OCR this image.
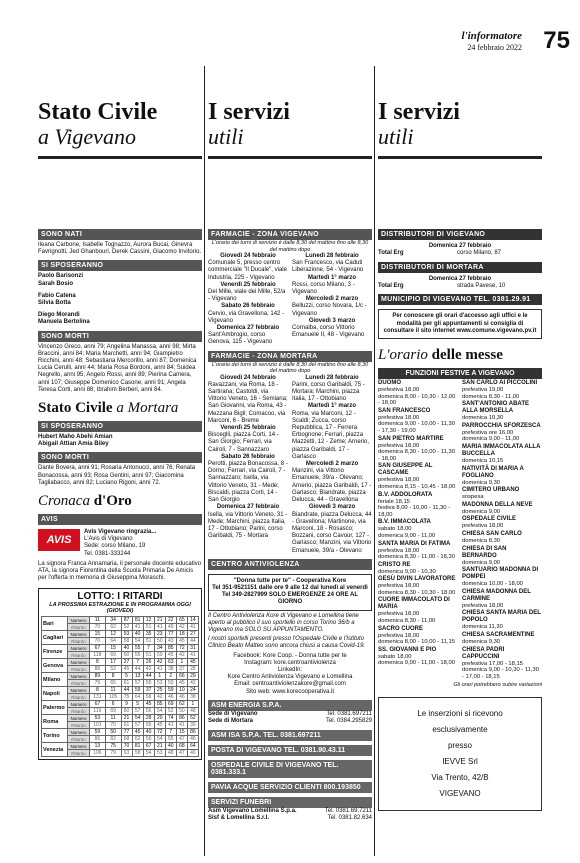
l'informatore
24 febbraio 2022 75
Stato Civile
a Vigevano
SONO NATI
Ileana Carbone, Isabelle Tognazzo, Aurora Bucai, Ginevra Favrignotti, Jed Ghanbouri, Derek Cassini, Giacomo Invitorio.
SI SPOSERANNO
Paolo Barisonzi
Sarah Bosio
Fabio Catena
Silvia Botta
Diego Morandi
Manuela Bertolina
SONO MORTI
Vincenzo Greco, anni 79; Angelina Manassa, anni 98; Mirta Braccini, anni 84; Maria Marchetti, anni 94; Giampietro Ricchini, anni 48; Sebastiana Mercorillo, anni 87; Domenica Lucia Cerulli, anni 44; Maria Rosa Bordoni, anni 84; Suidea Negrello, anni 95; Angelo Rossi, anni 89; Pierina Camera, anni 107; Giuseppe Domenico Casone, anni 91; Angela Teresa Corti, anni 88; Ibrahim Berberi, anni 84.
Stato Civile a Mortara
SI SPOSERANNO
Hubert Maho Abehi Amian
Abigail Attian Amia Biley
SONO MORTI
Dante Bovera, anni 91; Rosaria Antonucci, anni 76; Renata Bonacossa, anni 93; Rosa Gentini, anni 97; Giacomina Tagliabacco, anni 82; Luciano Rigoni, anni 72.
Cronaca d'Oro
AVIS
AVIS
Avis Vigevano ringrazia...
L'Avis di Vigevano
Sede: corso Milano, 19
Tel. 0381-333244
La signora Franca Annamaria, il personale docente educativo ATA, la signora Fiorentina della Scuola Primaria De Amicis per l'offerta in memoria di Giuseppina Moraschi.
LOTTO: I RITARDI
LA PROSSIMA ESTRAZIONE E IN PROGRAMMA OGGI (GIOVEDI)
Bari	Numero	11	34	87	81	12	21	22	65	14
	Ritardo	70	62	52	41	51	41	49	42	41
Cagliari	Numero	15	12	53	40	35	23	77	18	27
	Ritardo	70	64	58	54	51	50	43	45	44
Firenze	Numero	67	15	40	55	7	34	85	72	31
	Ritardo	118	69	60	55	51	50	45	42	41
Genova	Numero	8	17	27	7	26	42	63	1	45
	Ritardo	88	52	45	44	42	41	38	37	28
Milano	Numero	89	8	5	13	44	1	2	66	29
	Ritardo	79	65	61	57	55	53	50	45	42
Napoli	Numero	8	11	44	59	37	25	59	10	24
	Ritardo	131	105	75	64	58	42	46	46	38
Palermo	Numero	67	6	9	5	45	85	69	62	1
	Ritardo	116	69	60	57	56	54	52	50	48
Roma	Numero	53	11	21	54	28	20	74	86	52
	Ritardo	101	70	61	57	55	45	41	41	39
Torino	Numero	59	50	77	45	40	72	7	15	86
	Ritardo	86	82	68	62	56	54	55	47	46
Venezia	Numero	13	75	70	81	67	21	40	68	64
	Ritardo	106	79	63	58	54	53	48	47	46
I servizi
utili
FARMACIE - ZONA VIGEVANO
L'orario dei turni di servizio è dalle 8,30 del mattino fino alle 8,30 del mattino dopo
Giovedì 24 febbraio
Comunale 5, presso centro commerciale "Il Ducale", viale Industria, 225 - Vigevano
Venerdì 25 febbraio
Dei Mille, viale dei Mille, 52/a - Vigevano
Sabato 26 febbraio
Cervio, via Gravellona, 142 - Vigevano
Domenica 27 febbraio
Sant'Ambrogio, corso Genova, 115 - Vigevano
Lunedì 28 febbraio
San Francesco, via Caduti Liberazione, 54 - Vigevano
Martedì 1° marzo
Rossi, corso Milano, 3 - Vigevano
Mercoledì 2 marzo
Belluzzi, corso Novara, 1/c - Vigevano
Giovedì 3 marzo
Cornalba, corso Vittorio Emanuele II, 48 - Vigevano
FARMACIE - ZONA MORTARA
L'orario dei turni di servizio è dalle 8,30 del mattino fino alle 8,30 del mattino dopo
Giovedì 24 febbraio
Ravazzani, via Roma, 18 - Sartirana; Castoldi, via Vittorio Veneto, 16 - Semiana; San Giovanni, via Roma, 43 - Mezzana Bigli; Comacoo, via Marconi, 6 - Breme
Venerdì 25 febbraio
Bisceglli, piazza Corti, 14 - San Giorgio; Ferrari, via Cairoli, 7 - Sannazzaro
Sabato 26 febbraio
Perotti, piazza Bonacossa, 8 - Dorno; Ferrari, via Cairoli, 7 - Sannazzaro; Isella, via Vittorio Veneto, 31 - Mede; Biscaldi, piazza Corti, 14 - San Giorgio
Domenica 27 febbraio
Isella, via Vittorio Veneto, 31 - Mede; Marchini, piazza Italia, 17 - Ottobiano; Parini, corso Garibaldi, 75 - Mortara
Lunedì 28 febbraio
Parini, corso Garibaldi, 75 - Mortara; Marchini, piazza Italia, 17 - Ottobiano
Martedì 1° marzo
Roma, via Marconi, 12 - Scaldi; Zucca, corso Repubblica, 17 - Ferrera Erbognone; Ferrari, piazza Mazzetti, 12 - Zeme; Arnerio, piazza Garibaldi, 17 - Garlasco
Mercoledì 2 marzo
Manzini, via Vittorio Emanuele, 39/a - Olevano; Arnerio, piazza Garibaldi, 17 - Garlasco; Biandrate, piazza Delucca, 44 - Gravellona
Giovedì 3 marzo
Biandrate, piazza Delucca, 44 - Gravellona; Martinone, via Marconi, 18 - Rosasco; Bozzani, corso Cavour, 127 - Garlasco; Manzini, via Vittorio Emanuele, 39/a - Olevano
CENTRO ANTIVIOLENZA
"Donna tutte per te" - Cooperativa Kore
Tel 351-9521151 dalle ore 9 alle 12 dal lunedì al venerdì
Tel 349-2827999 SOLO EMERGENZE 24 ORE AL GIORNO
Il Centro Antiviolenza Kore di Vigevano e Lomellina tiene aperto al pubblico il suo sportello in corso Torino 36/b a Vigevano ma SOLO SU APPUNTAMENTO.
I nostri sportelli presenti presso l'Ospedale Civile e l'Istituto Clinico Beato Matteo sono ancora chiusi a causa Covid-19.
Facebook: Kore Coop. - Donna tutte per te
Instagram: kore.centroantiviolenza
LinkedIn:
Kore Centro Antiviolenza Vigevano e Lomellina
Email: centroantiviolenzakore@gmail.com
Sito web: www.korecooperativa.it
ASM ENERGIA S.P.A.
Sede di Vigevano	Tel. 0381.697211
Sede di Mortara	Tel. 0384.295829
ASM ISA S.P.A. TEL. 0381.697211
POSTA DI VIGEVANO TEL. 0381.90.43.11
OSPEDALE CIVILE DI VIGEVANO TEL. 0381.333.1
PAVIA ACQUE SERVIZIO CLIENTI 800.193850
SERVIZI FUNEBRI
Asm Vigevano Lomellina S.p.a.	Tel. 0381.69.7211
Sisf & Lomellina S.r.l.	Tel. 0381.82.634
I servizi
utili
DISTRIBUTORI DI VIGEVANO
Domenica 27 febbraio
Total Erg	corso Milano, 87
DISTRIBUTORI DI MORTARA
Domenica 27 febbraio
Total Erg	strada Pavese, 10
MUNICIPIO DI VIGEVANO TEL. 0381.29.91
Per conoscere gli orari d'accesso agli uffici e le modalità per gli appuntamenti si consiglia di consultare il sito internet www.comune.vigevano.pv.it
L'orario delle messe
FUNZIONI FESTIVE A VIGEVANO
DUOMO
prefestiva 18,00
domenica 8,00 - 10,30 - 12,00 - 18,00
SAN FRANCESCO
prefestiva 18,00
domenica 9,00 - 10,00 - 11,30 - 17,30 - 19,00
SAN PIETRO MARTIRE
prefestiva 18,00
domenica 8,30 - 10,00 - 11,30 - 18,00
SAN GIUSEPPE AL CASCAME
prefestiva 18,00
domenica 8,15 - 10,45 - 18,00
B.V. ADDOLORATA
feriale 18,15
festiva 8,00 - 10,00 - 11,30 - 18,00
B.V. IMMACOLATA
sabato 18,00
domenica 9,00 - 11,00
SANTA MARIA DI FATIMA
prefestiva 18,00
domenica 8,30 - 11,00 - 18,30
CRISTO RE
domenica 9,00 - 10,30
GESÙ DIVIN LAVORATORE
prefestiva 18,00
domenica 8,30 - 10,30 - 18,00
CUORE IMMACOLATO DI MARIA
prefestiva 18,00
domenica 8,30 - 11,00
SACRO CUORE
prefestiva 18,00
domenica 8,00 - 10,00 - 11,15
SS. GIOVANNI E PIO
sabato 18,00
domenica 9,00 - 11,00 - 18,00
SAN CARLO AI PICCOLINI
prefestiva 19,00
domenica 8,30 - 11,00
SANT'ANTONIO ABATE ALLA MORSELLA
domenica 10,30
PARROCCHIA SFORZESCA
prefestiva ore 16,00
domenica 9,00 - 11,00
MARIA IMMACOLATA ALLA BUCCELLA
domenica 10,15
NATIVITÀ DI MARIA A FOGLIANO
domenica 9,30
CIMITERO URBANO
sospesa
MADONNA DELLA NEVE
domenica 9,00
OSPEDALE CIVILE
prefestiva 18,00
CHIESA SAN CARLO
domenica 8,30
CHIESA DI SAN BERNARDO
domenica 9,00
SANTUARIO MADONNA DI POMPEI
domenica 10,00 - 18,00
CHIESA MADONNA DEL CARMINE
prefestiva 18,00
CHIESA SANTA MARIA DEL POPOLO
domenica 11,30
CHIESA SACRAMENTINE
domenica 9,30
CHIESA PADRI CAPPUCCINI
prefestiva 17,00 - 18,15
domenica 9,00 - 10,30 - 11,30 - 17,00 - 18,15
Gli orari potrebbero subire variazioni
Le inserzioni si ricevono
esclusivamente
presso
IEVVE Srl
Via Trento, 42/B
VIGEVANO
